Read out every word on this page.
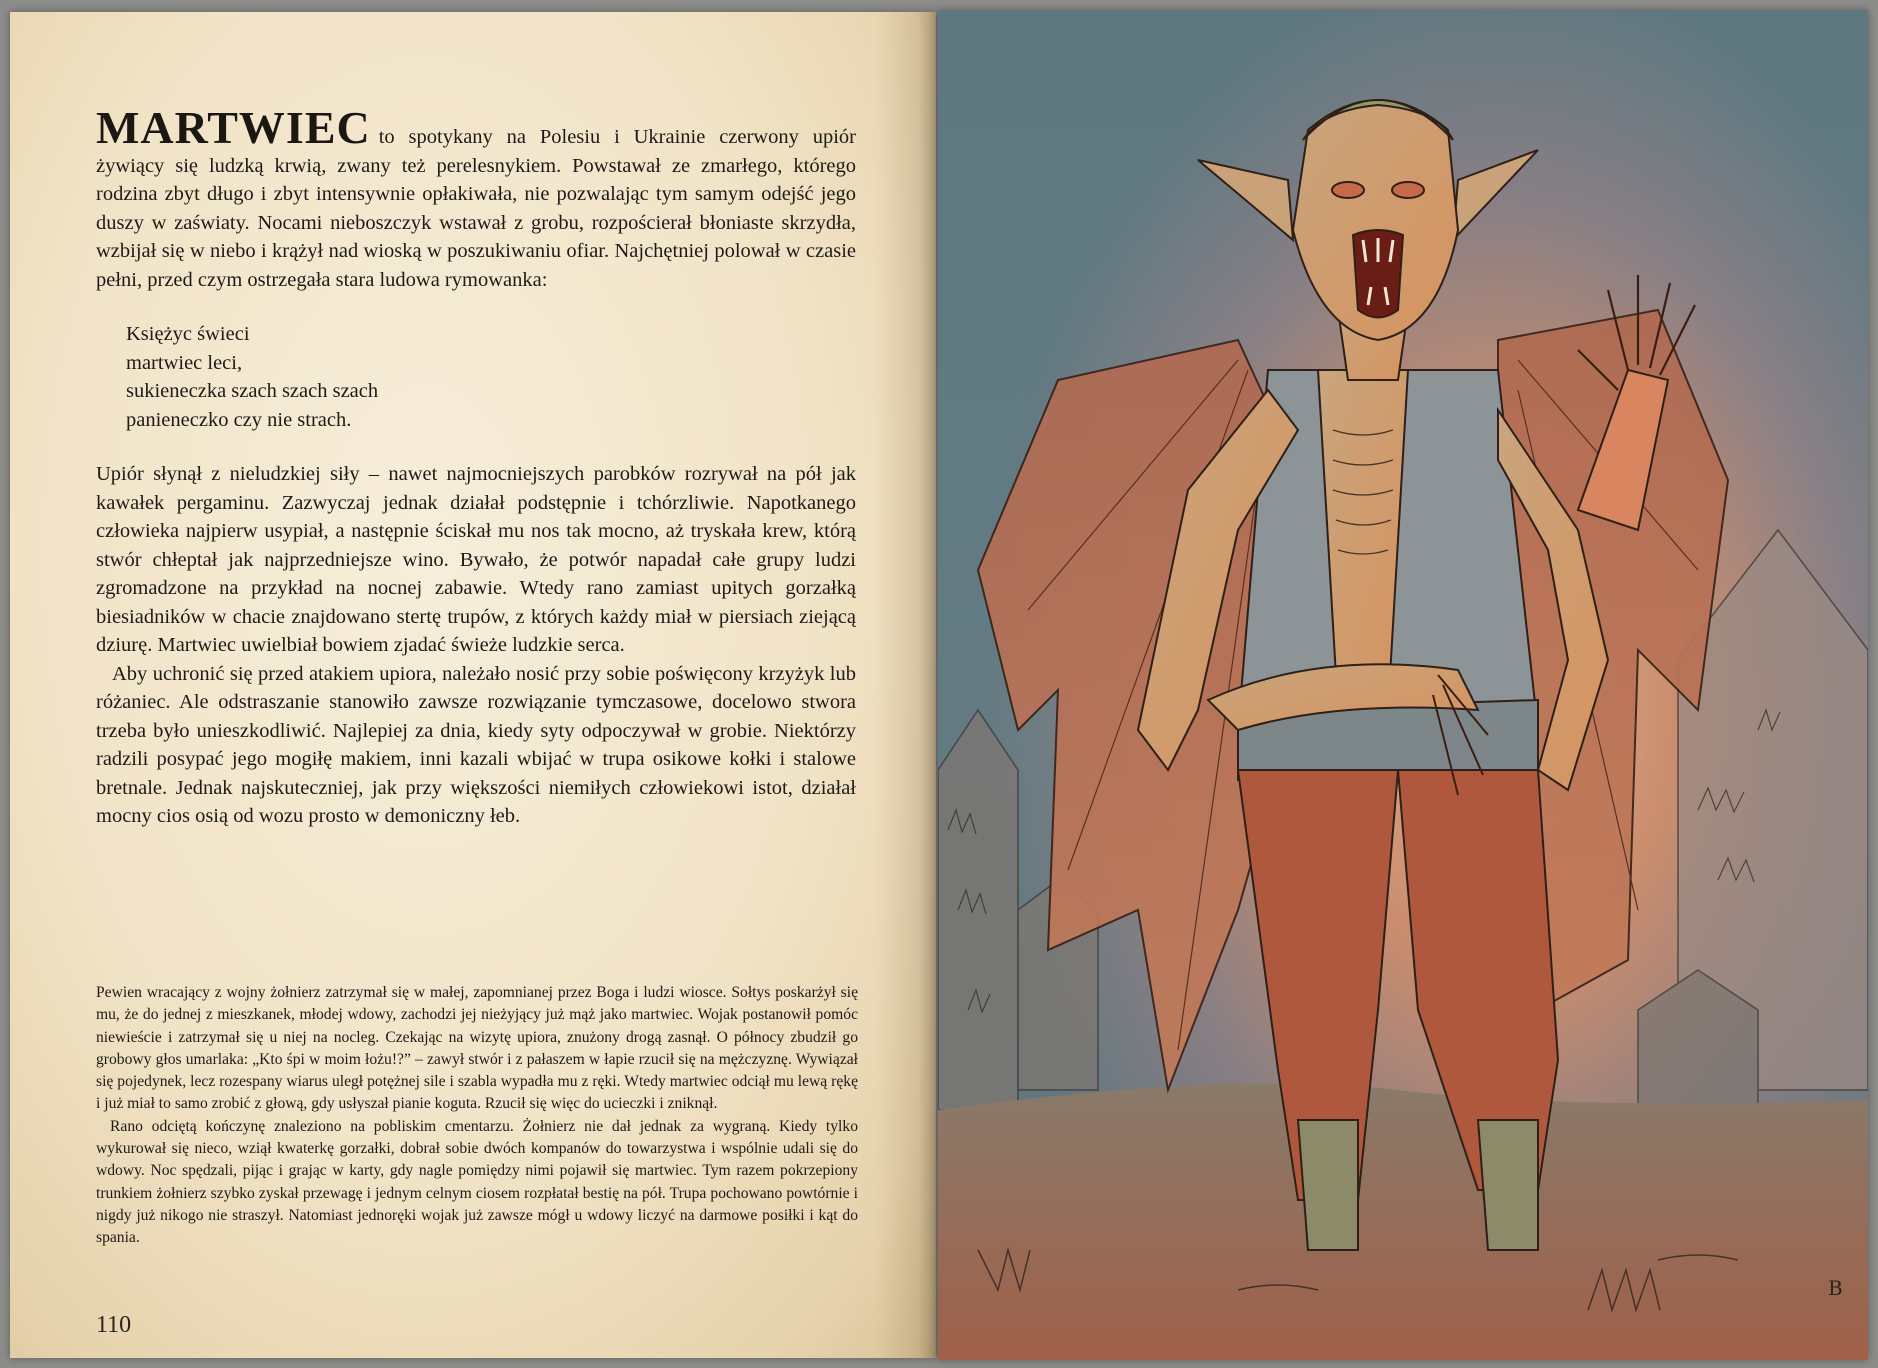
MARTWIEC to spotykany na Polesiu i Ukrainie czerwony upiór żywiący się ludzką krwią, zwany też perelesnykiem. Powstawał ze zmarłego, którego rodzina zbyt długo i zbyt intensywnie opłakiwała, nie pozwalając tym samym odejść jego duszy w zaświaty. Nocami nieboszczyk wstawał z grobu, rozpościerał błoniaste skrzydła, wzbijał się w niebo i krążył nad wioską w poszukiwaniu ofiar. Najchętniej polował w czasie pełni, przed czym ostrzegała stara ludowa rymowanka:

Księżyc świeci
martwiec leci,
sukieneczka szach szach szach
panieneczko czy nie strach.

Upiór słynął z nieludzkiej siły – nawet najmocniejszych parobków rozrywał na pół jak kawałek pergaminu. Zazwyczaj jednak działał podstępnie i tchórzliwie. Napotkanego człowieka najpierw usypiał, a następnie ściskał mu nos tak mocno, aż tryskała krew, którą stwór chłeptał jak najprzedniejsze wino. Bywało, że potwór napadał całe grupy ludzi zgromadzone na przykład na nocnej zabawie. Wtedy rano zamiast upitych gorzałką biesiadników w chacie znajdowano stertę trupów, z których każdy miał w piersiach ziejącą dziurę. Martwiec uwielbiał bowiem zjadać świeże ludzkie serca.

Aby uchronić się przed atakiem upiora, należało nosić przy sobie poświęcony krzyżyk lub różaniec. Ale odstraszanie stanowiło zawsze rozwiązanie tymczasowe, docelowo stwora trzeba było unieszkodliwić. Najlepiej za dnia, kiedy syty odpoczywał w grobie. Niektórzy radzili posypać jego mogiłę makiem, inni kazali wbijać w trupa osikowe kołki i stalowe bretnale. Jednak najskuteczniej, jak przy większości niemiłych człowiekowi istot, działał mocny cios osią od wozu prosto w demoniczny łeb.

Pewien wracający z wojny żołnierz zatrzymał się w małej, zapomnianej przez Boga i ludzi wiosce. Sołtys poskarżył się mu, że do jednej z mieszkanek, młodej wdowy, zachodzi jej nieżyjący już mąż jako martwiec. Wojak postanowił pomóc niewieście i zatrzymał się u niej na nocleg. Czekając na wizytę upiora, znużony drogą zasnął. O północy zbudził go grobowy głos umarlaka: „Kto śpi w moim łożu!?” – zawył stwór i z pałaszem w łapie rzucił się na mężczyznę. Wywiązał się pojedynek, lecz rozespany wiarus uległ potężnej sile i szabla wypadła mu z ręki. Wtedy martwiec odciął mu lewą rękę i już miał to samo zrobić z głową, gdy usłyszał pianie koguta. Rzucił się więc do ucieczki i zniknął.

Rano odciętą kończynę znaleziono na pobliskim cmentarzu. Żołnierz nie dał jednak za wygraną. Kiedy tylko wykurował się nieco, wziął kwaterkę gorzałki, dobrał sobie dwóch kompanów do towarzystwa i wspólnie udali się do wdowy. Noc spędzali, pijąc i grając w karty, gdy nagle pomiędzy nimi pojawił się martwiec. Tym razem pokrzepiony trunkiem żołnierz szybko zyskał przewagę i jednym celnym ciosem rozpłatał bestię na pół. Trupa pochowano powtórnie i nigdy już nikogo nie straszył. Natomiast jednoręki wojak już zawsze mógł u wdowy liczyć na darmowe posiłki i kąt do spania.

110
B
